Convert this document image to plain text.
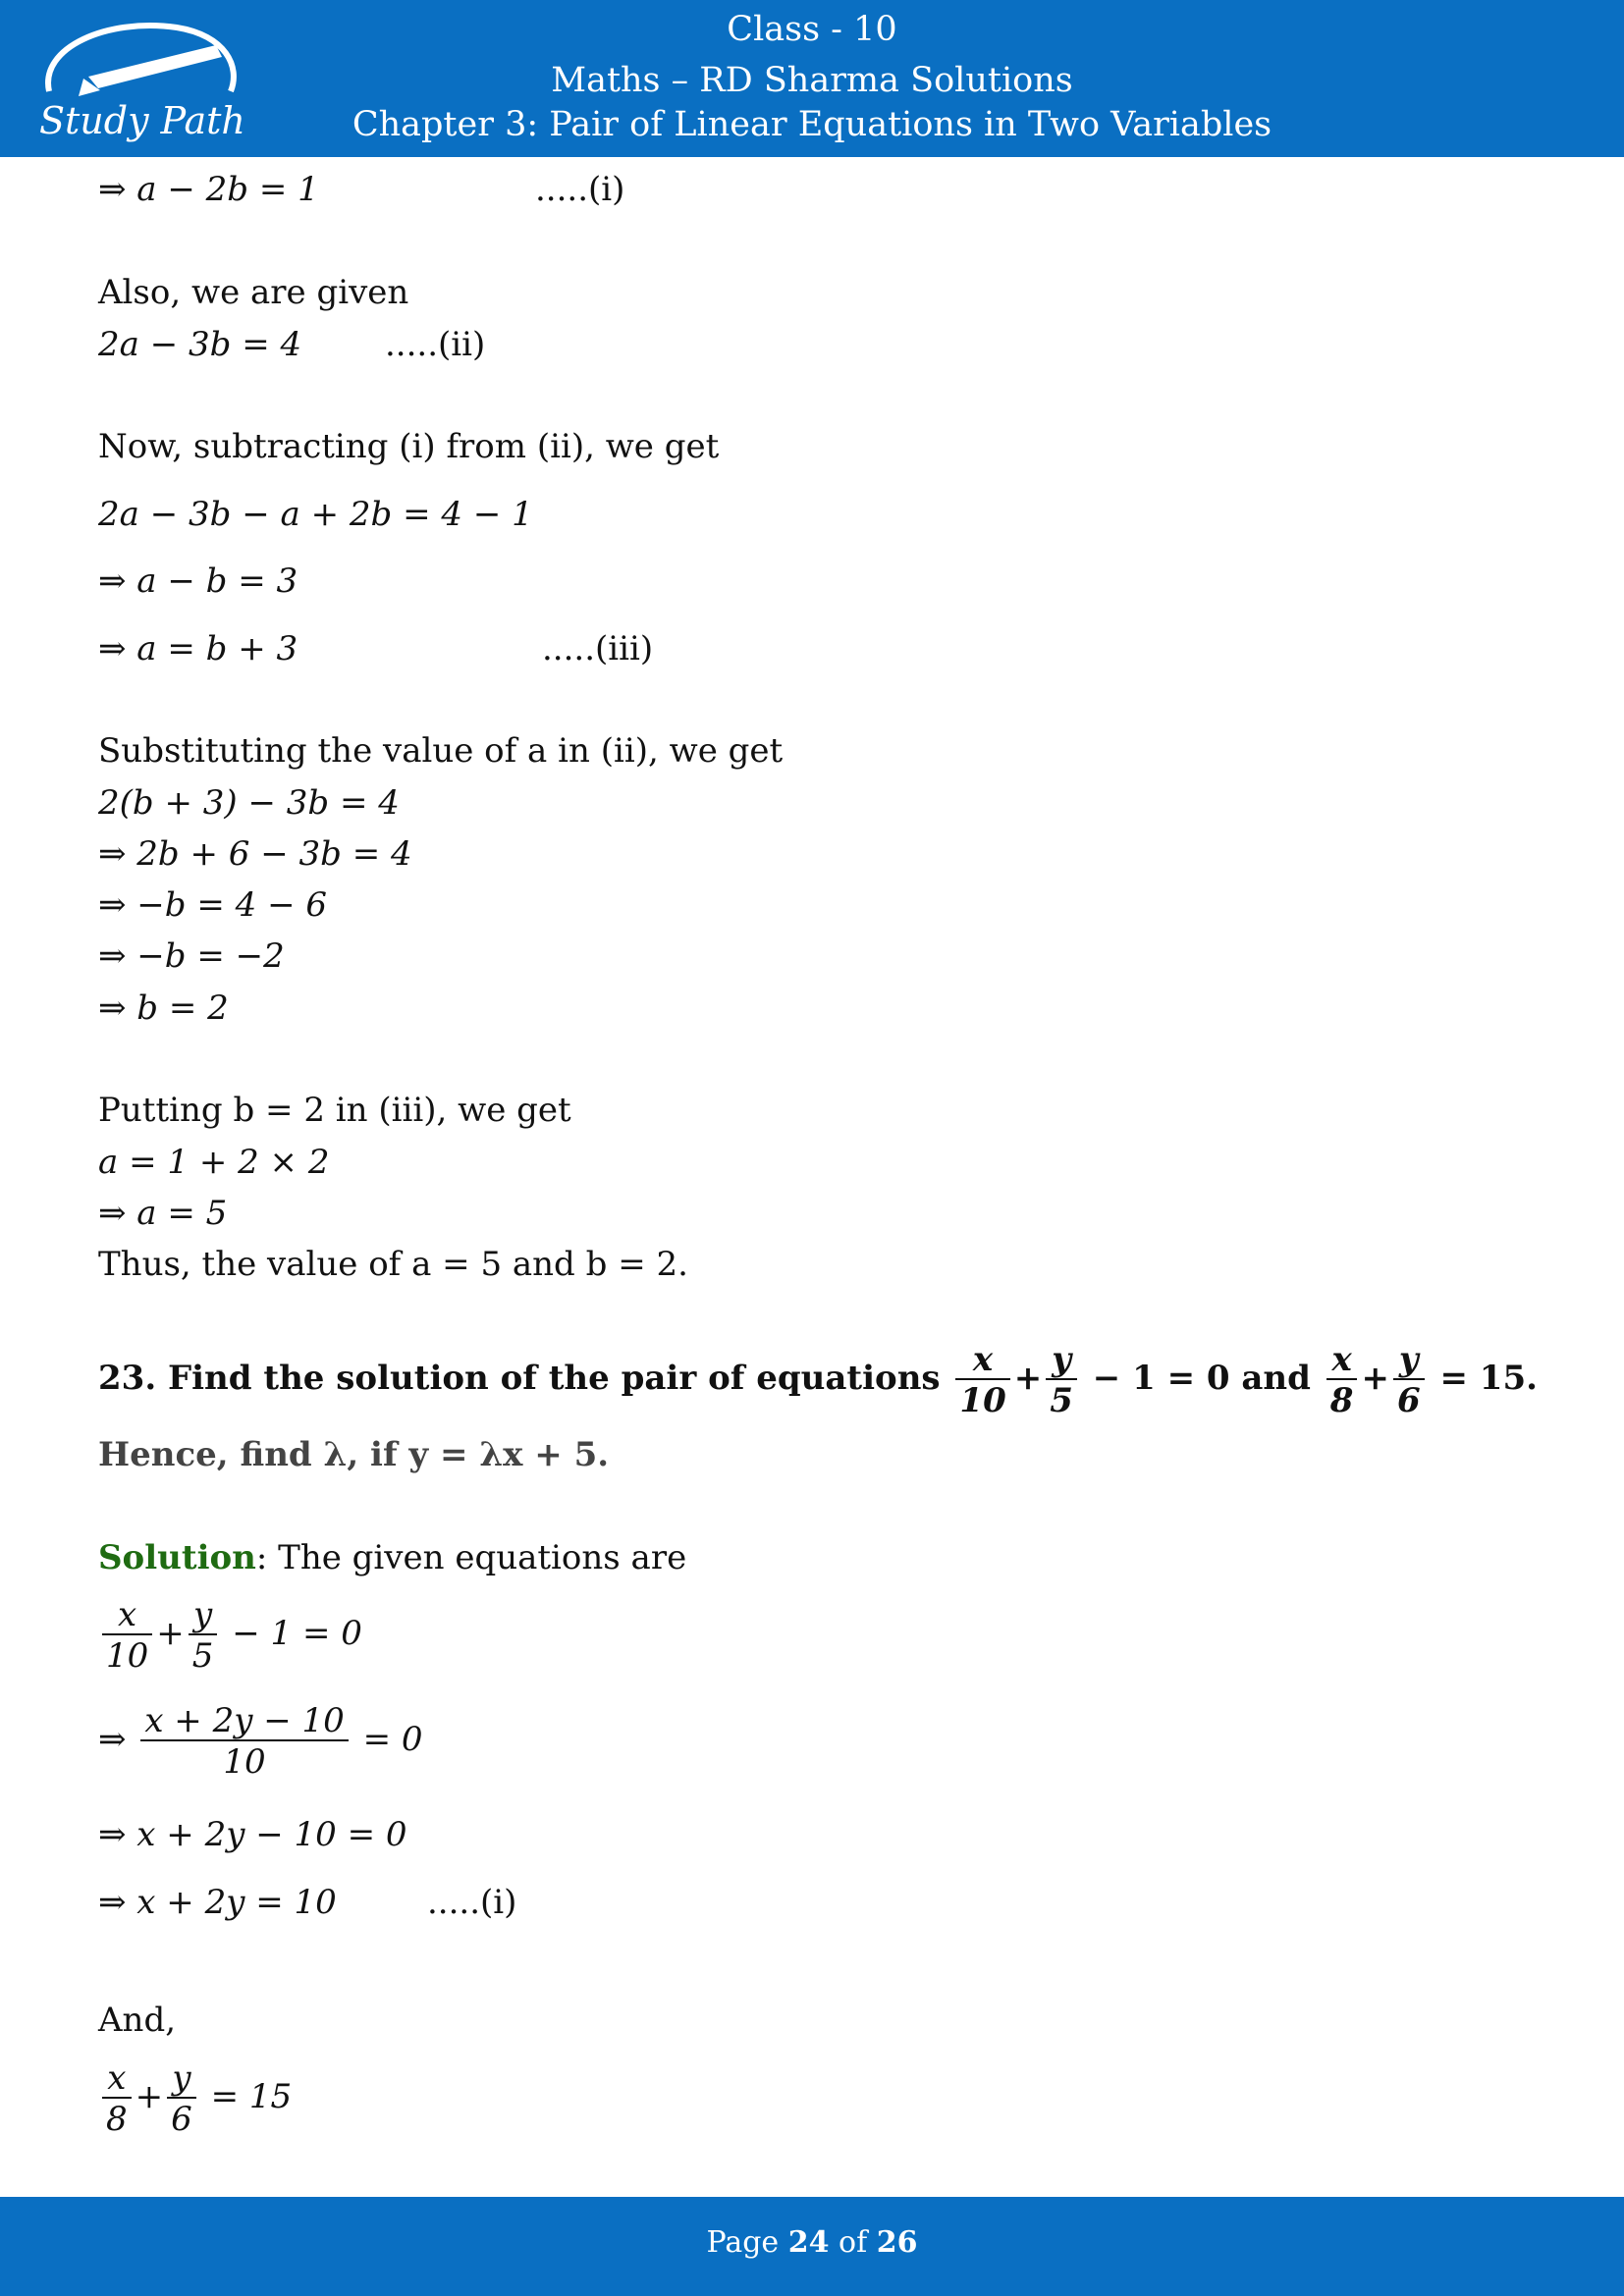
Study Path
Class - 10
Maths – RD Sharma Solutions
Chapter 3: Pair of Linear Equations in Two Variables
⇒ a − 2b = 1	.....(i)
Also, we are given
2a − 3b = 4 .....(ii)
Now, subtracting (i) from (ii), we get
2a − 3b − a + 2b = 4 − 1
⇒ a − b = 3
⇒ a = b + 3	.....(iii)
Substituting the value of a in (ii), we get
2(b + 3) − 3b = 4
⇒ 2b + 6 − 3b = 4
⇒ −b = 4 − 6
⇒ −b = −2
⇒ b = 2
Putting b = 2 in (iii), we get
a = 1 + 2 × 2
⇒ a = 5
Thus, the value of a = 5 and b = 2.
23. Find the solution of the pair of equations $\frac{x}{10} + \frac{y}{5} - 1 = 0$ and $\frac{x}{8} + \frac{y}{6} = 15$.
Hence, find λ, if y = λx + 5.
Solution: The given equations are
$\frac{x}{10} + \frac{y}{5} - 1 = 0$
⇒ $\frac{x + 2y - 10}{10} = 0$
⇒ x + 2y − 10 = 0
⇒ x + 2y = 10	.....(i)
And,
$\frac{x}{8} + \frac{y}{6} = 15$
Page 24 of 26
